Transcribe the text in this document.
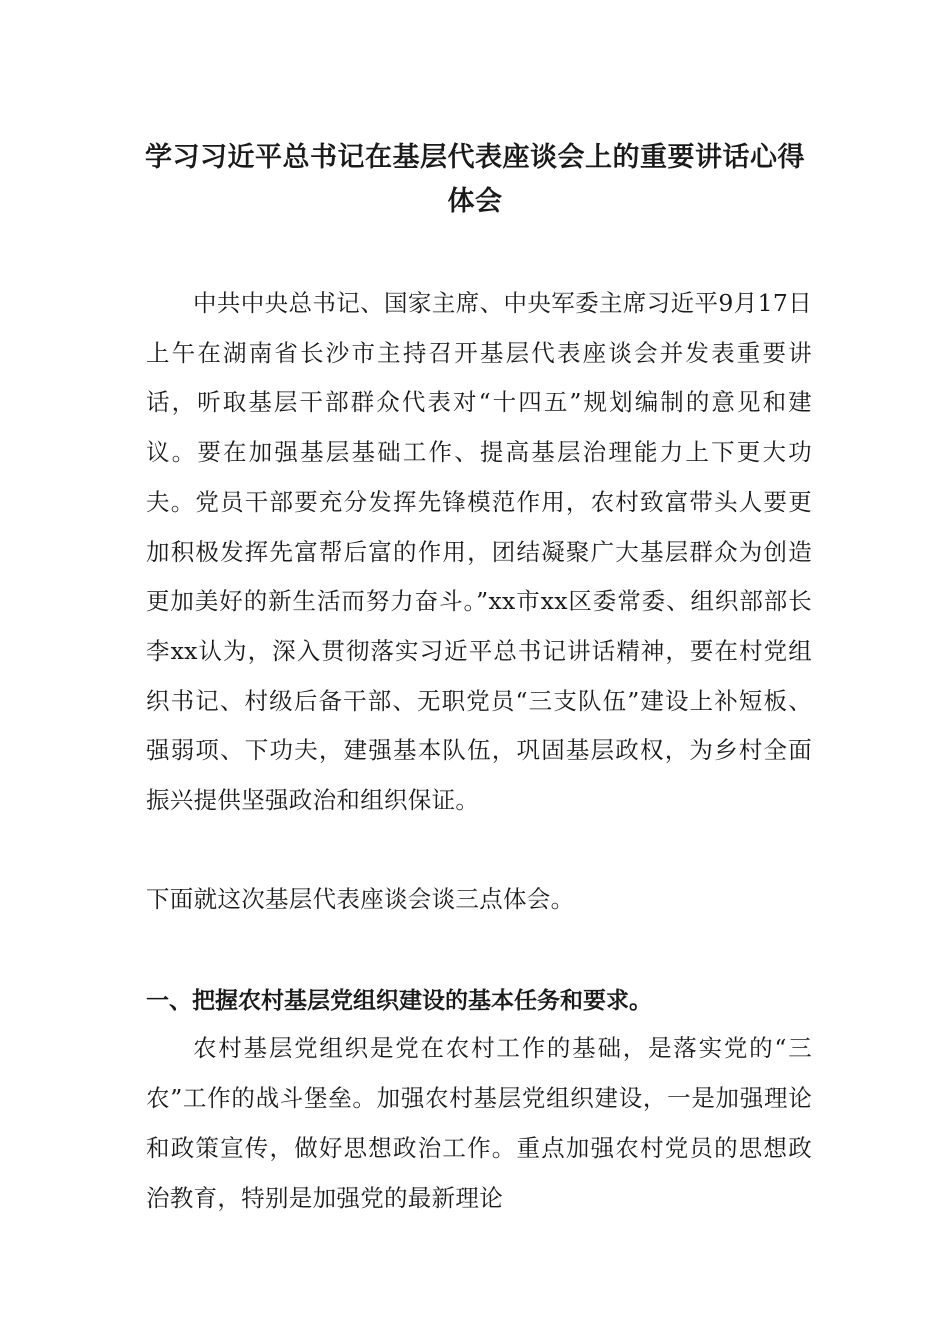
学习习近平总书记在基层代表座谈会上的重要讲话心得体会

中共中央总书记、国家主席、中央军委主席习近平9月17日上午在湖南省长沙市主持召开基层代表座谈会并发表重要讲话，听取基层干部群众代表对“十四五”规划编制的意见和建议。要在加强基层基础工作、提高基层治理能力上下更大功夫。党员干部要充分发挥先锋模范作用，农村致富带头人要更加积极发挥先富帮后富的作用，团结凝聚广大基层群众为创造更加美好的新生活而努力奋斗。”xx市xx区委常委、组织部部长李xx认为，深入贯彻落实习近平总书记讲话精神，要在村党组织书记、村级后备干部、无职党员“三支队伍”建设上补短板、强弱项、下功夫，建强基本队伍，巩固基层政权，为乡村全面振兴提供坚强政治和组织保证。

下面就这次基层代表座谈会谈三点体会。

一、把握农村基层党组织建设的基本任务和要求。

农村基层党组织是党在农村工作的基础，是落实党的“三农”工作的战斗堡垒。加强农村基层党组织建设，一是加强理论和政策宣传，做好思想政治工作。重点加强农村党员的思想政治教育，特别是加强党的最新理论
